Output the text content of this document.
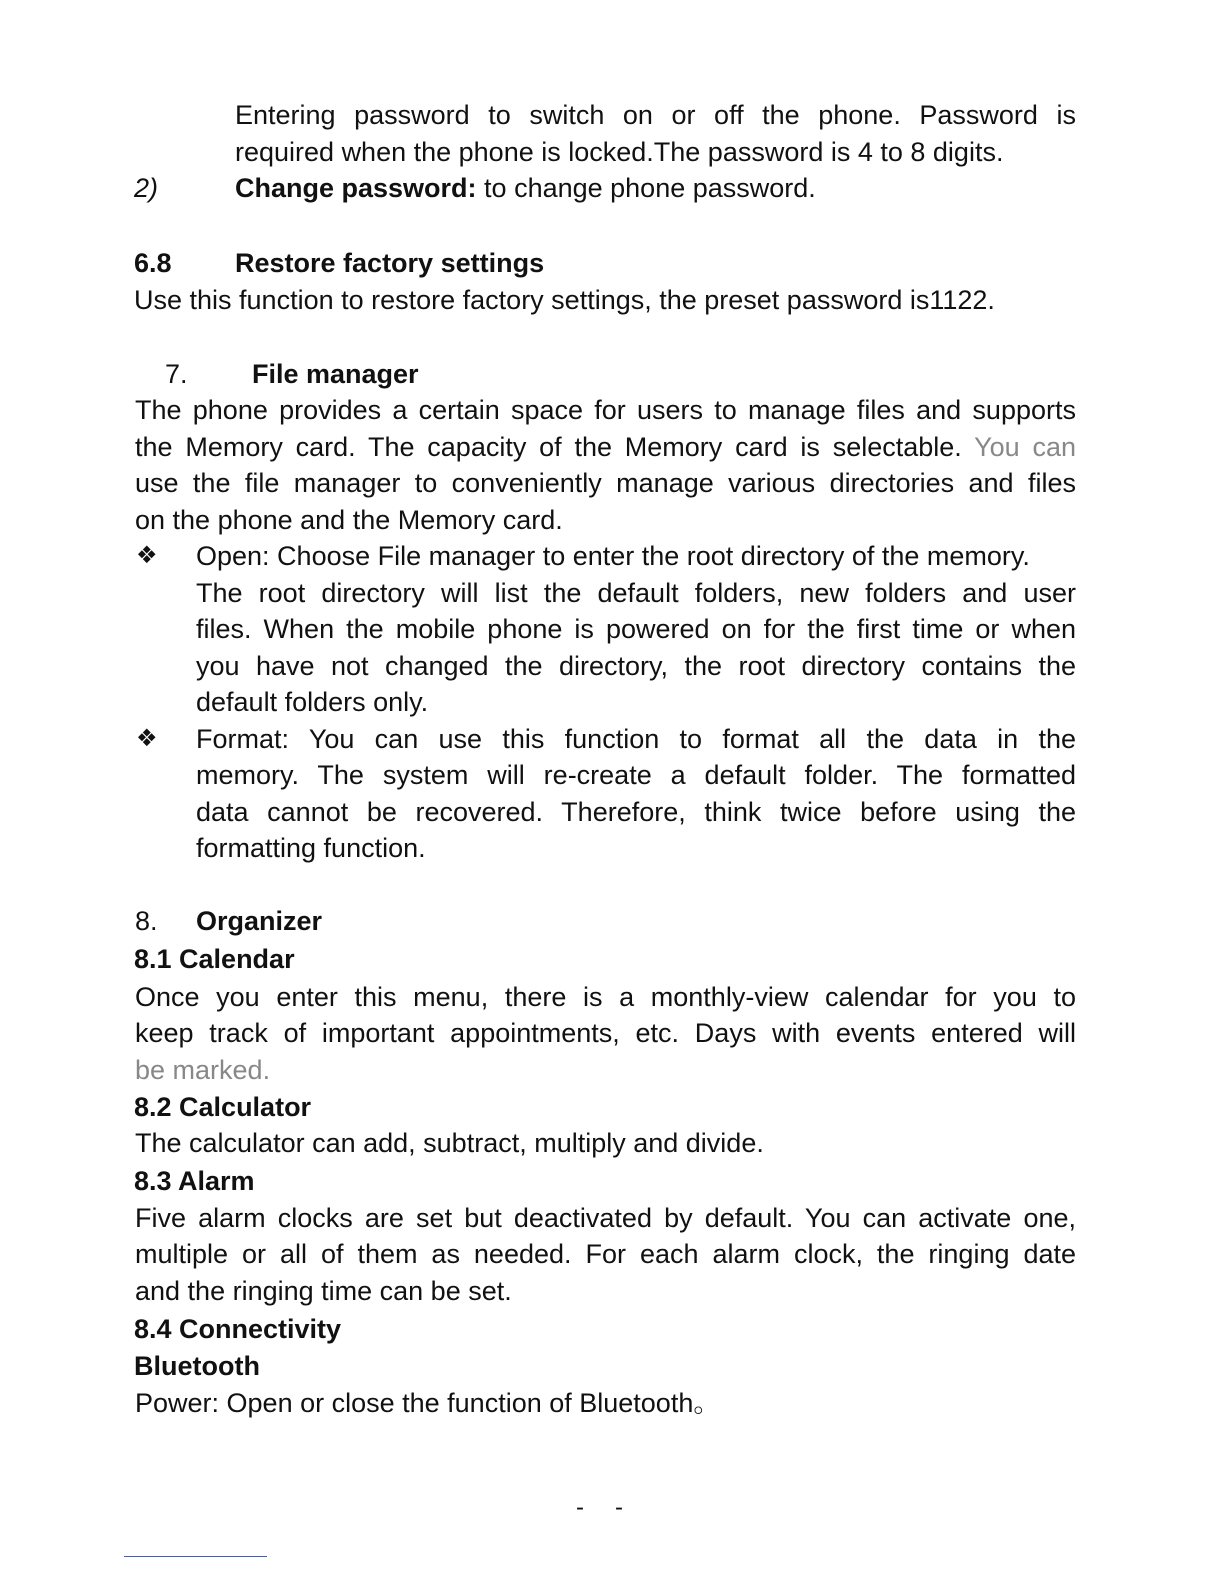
Entering password to switch on or off the phone. Password is
required when the phone is locked.The password is 4 to 8 digits.
2)	Change password: to change phone password.
6.8 Restore factory settings
Use this function to restore factory settings, the preset password is1122.
7. File manager
The phone provides a certain space for users to manage files and supports
the Memory card. The capacity of the Memory card is selectable. You can
use the file manager to conveniently manage various directories and files
on the phone and the Memory card.
❖ Open: Choose File manager to enter the root directory of the memory.
The root directory will list the default folders, new folders and user
files. When the mobile phone is powered on for the first time or when
you have not changed the directory, the root directory contains the
default folders only.
❖ Format: You can use this function to format all the data in the
memory. The system will re-create a default folder. The formatted
data cannot be recovered. Therefore, think twice before using the
formatting function.
8. Organizer
8.1 Calendar
Once you enter this menu, there is a monthly-view calendar for you to
keep track of important appointments, etc. Days with events entered will
be marked.
8.2 Calculator
The calculator can add, subtract, multiply and divide.
8.3 Alarm
Five alarm clocks are set but deactivated by default. You can activate one,
multiple or all of them as needed. For each alarm clock, the ringing date
and the ringing time can be set.
8.4 Connectivity
Bluetooth
Power: Open or close the function of Bluetooth。
- -
